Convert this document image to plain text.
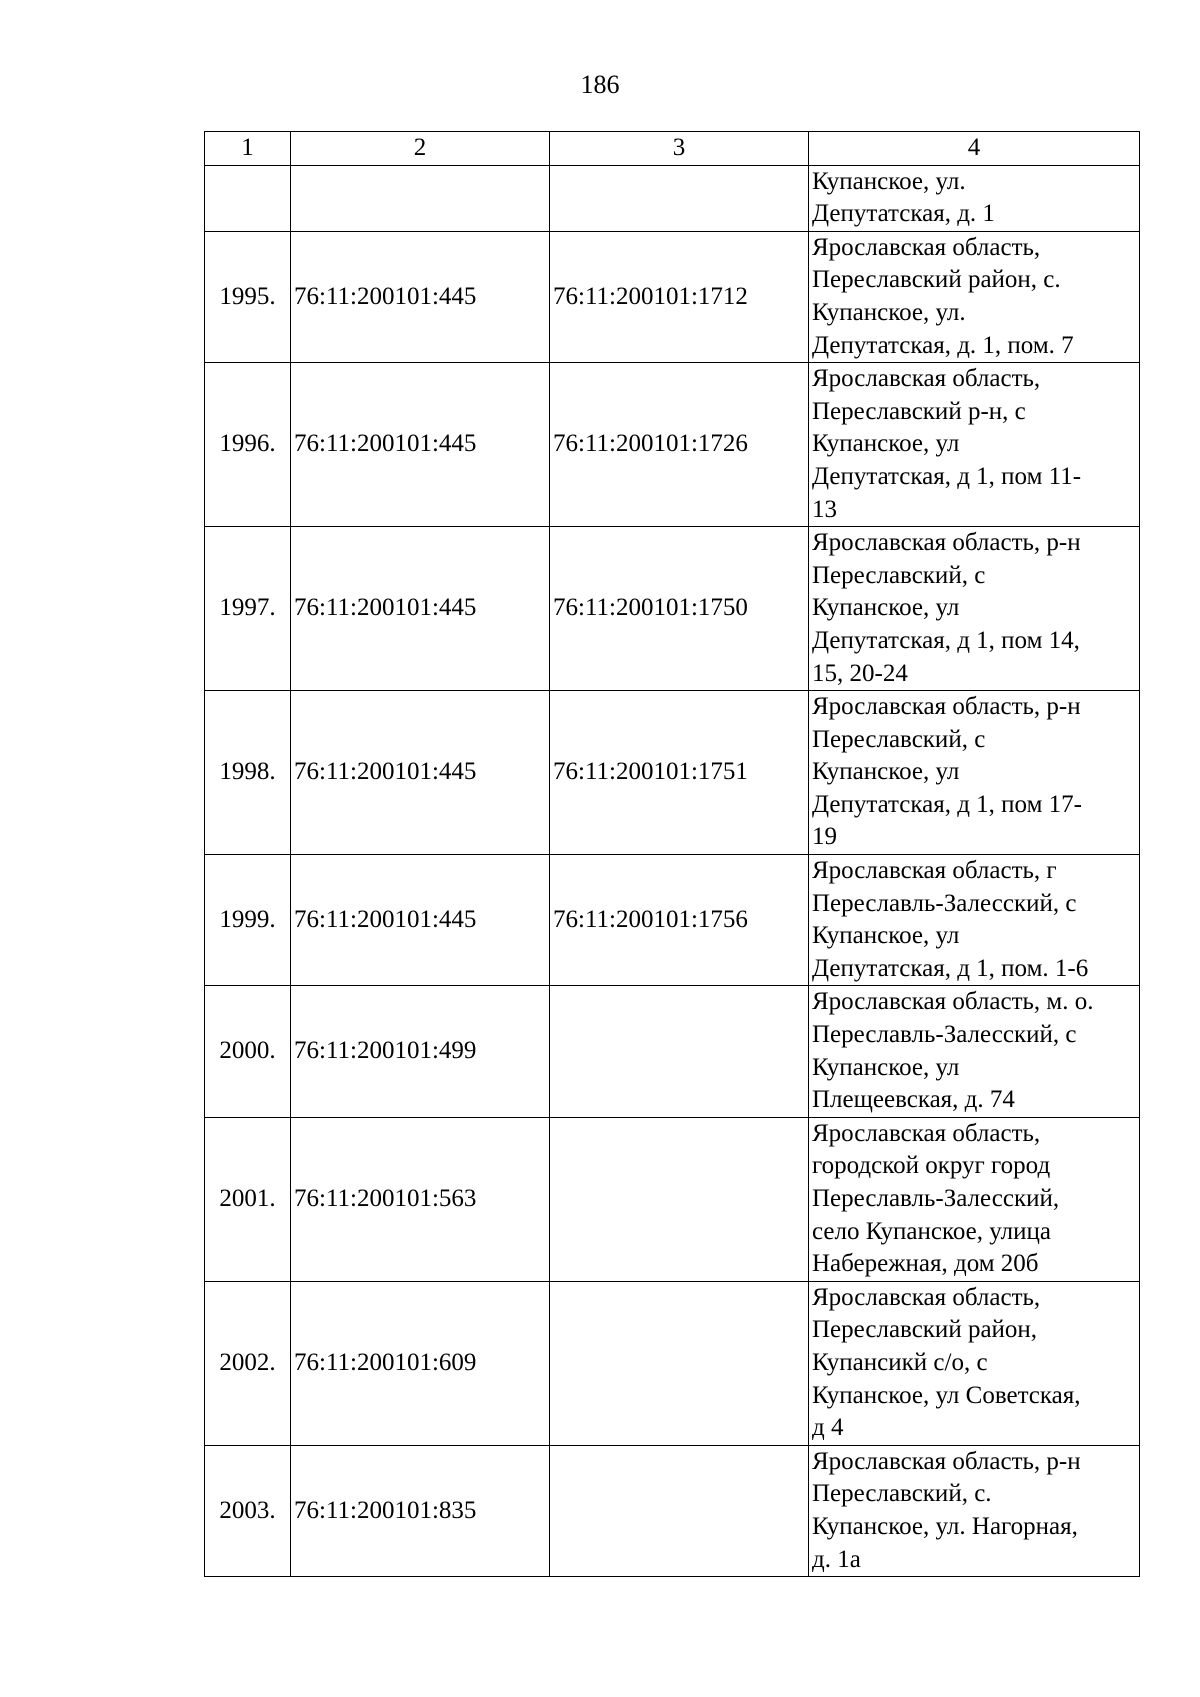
186
1	2	3	4

			Купанское, ул.
Депутатская, д. 1

1995.	76:11:200101:445	76:11:200101:1712	Ярославская область,
Переславский район, с.
Купанское, ул.
Депутатская, д. 1, пом. 7

1996.	76:11:200101:445	76:11:200101:1726	Ярославская область,
Переславский р-н, с
Купанское, ул
Депутатская, д 1, пом 11-
13

1997.	76:11:200101:445	76:11:200101:1750	Ярославская область, р-н
Переславский, с
Купанское, ул
Депутатская, д 1, пом 14,
15, 20-24

1998.	76:11:200101:445	76:11:200101:1751	Ярославская область, р-н
Переславский, с
Купанское, ул
Депутатская, д 1, пом 17-
19

1999.	76:11:200101:445	76:11:200101:1756	Ярославская область, г
Переславль-Залесский, с
Купанское, ул
Депутатская, д 1, пом. 1-6

2000.	76:11:200101:499		Ярославская область, м. о.
Переславль-Залесский, с
Купанское, ул
Плещеевская, д. 74

2001.	76:11:200101:563		Ярославская область,
городской округ город
Переславль-Залесский,
село Купанское, улица
Набережная, дом 20б

2002.	76:11:200101:609		Ярославская область,
Переславский район,
Купансикй с/о, с
Купанское, ул Советская,
д 4

2003.	76:11:200101:835		Ярославская область, р-н
Переславский, с.
Купанское, ул. Нагорная,
д. 1а
